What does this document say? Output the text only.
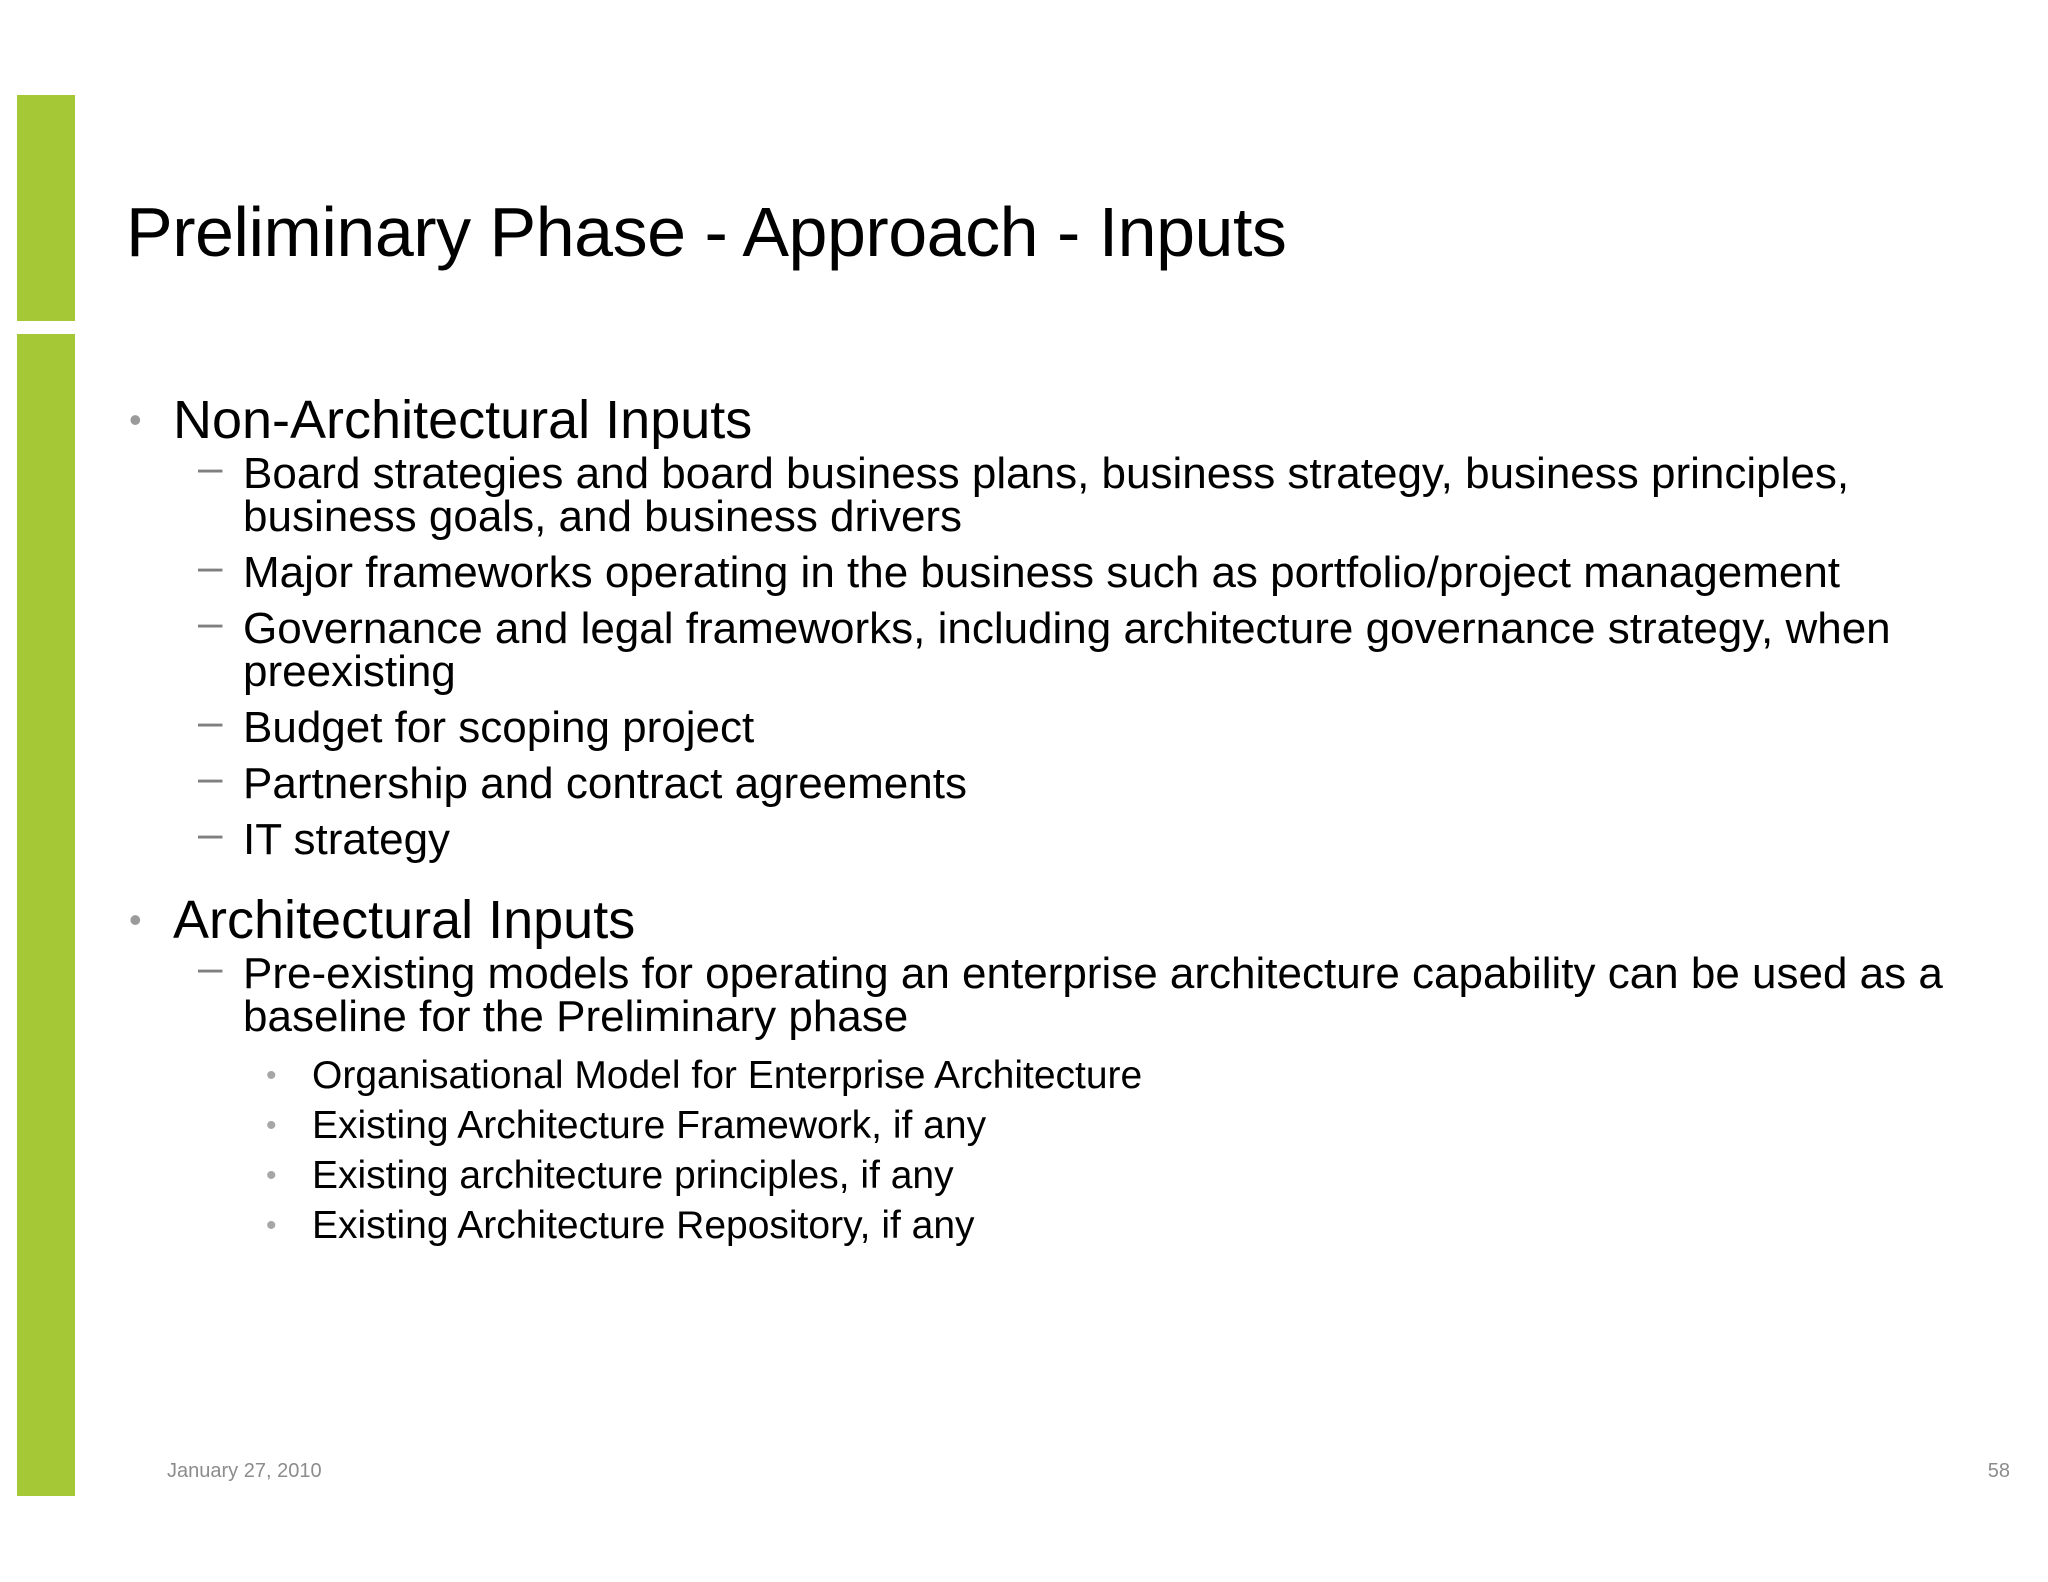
Preliminary Phase - Approach - Inputs
• Non-Architectural Inputs
– Board strategies and board business plans, business strategy, business principles, business goals, and business drivers
– Major frameworks operating in the business such as portfolio/project management
– Governance and legal frameworks, including architecture governance strategy, when preexisting
– Budget for scoping project
– Partnership and contract agreements
– IT strategy
• Architectural Inputs
– Pre-existing models for operating an enterprise architecture capability can be used as a baseline for the Preliminary phase
• Organisational Model for Enterprise Architecture
• Existing Architecture Framework, if any
• Existing architecture principles, if any
• Existing Architecture Repository, if any
January 27, 2010	58
